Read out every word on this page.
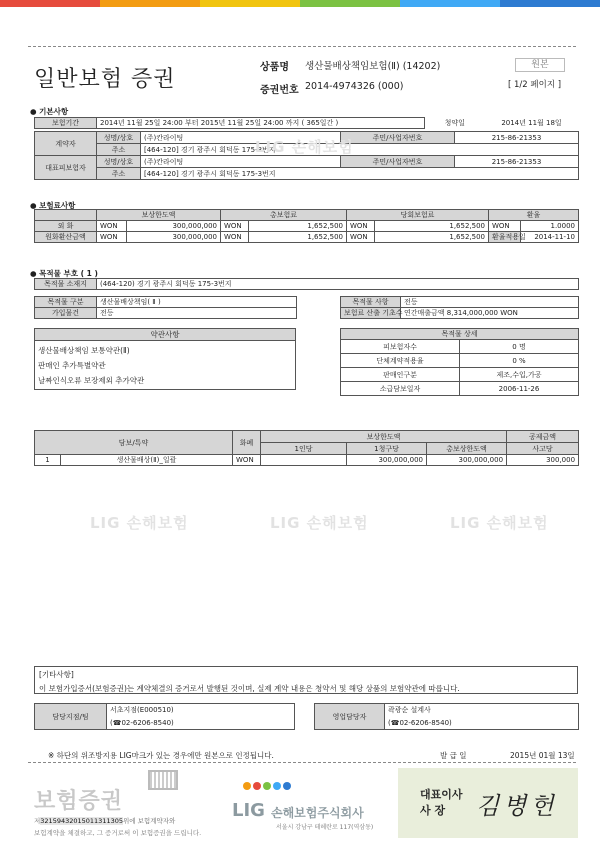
일반보험 증권	상품명 생산물배상책임보험(Ⅱ) (14202)
증권번호 2014-4974326 (000)
원본
[ 1/2 페이지 ]
● 기본사항
보험기간	2014년 11월 25일 24:00 부터 2015년 11월 25일 24:00 까지 ( 365일간 )	청약일	2014년 11월 18일
계약자	성명/상호	(주)칸라이팅	주민/사업자번호	215-86-21353
	주소	[464-120] 경기 광주시 회덕동 175-3번지		
대표피보험자	성명/상호	(주)칸라이팅	주민/사업자번호	215-86-21353
	주소	[464-120] 경기 광주시 회덕동 175-3번지		
● 보험료사항
	보상한도액		총보험료		당회보험료		환율	
외 화	WON	300,000,000	WON	1,652,500	WON	1,652,500	WON	1.0000
원화환산금액	WON	300,000,000	WON	1,652,500	WON	1,652,500	환율적용일	2014-11-10
● 목적물 부호 ( 1 )
목적물 소재지	(464-120) 경기 광주시 회덕동 175-3번지
목적물 구분	생산물배상책임( Ⅱ )		목적물 사항	전등
가입물건	전등		보험료 산출 기초수	연간매출금액 8,314,000,000 WON
약관사항
생산물배상책임 보통약관(Ⅱ)
판매인 추가특별약관
날짜인식오류 보장제외 추가약관
목적물 상세	
피보험자수	0 명
단체계약적용율	0 %
판매인구분	제조,수입,가공
소급담보일자	2006-11-26
담보/특약		화폐	보상한도액			공제금액
			1인당	1청구당	총보상한도액	사고당
1	생산물배상(Ⅱ)_일괄	WON		300,000,000	300,000,000	300,000
LIG 손해보험	LIG 손해보험	LIG 손해보험
LIG 손해보험
[기타사항]
이 보험가입증서(보험증권)는 계약체결의 증거로서 발행된 것이며, 실제 계약 내용은 청약서 및 해당 상품의 보험약관에 따릅니다.
담당지점/팀	서초지점(E000510)		영업담당자	곽광순 설계사
	(☎02-6206-8540)			(☎02-6206-8540)
※ 하단의 위조방지용 LIG마크가 있는 경우에만 원본으로 인정됩니다.	발 급 일	2015년 01월 13일
보험증권
저32159432015011311305위에 보험계약자와
보험계약을 체결하고, 그 증거로써 이 보험증권을 드립니다.
LIG 손해보험주식회사
서울시 강남구 테헤란로 117(역삼동)
대표이사
사 장 김병헌
